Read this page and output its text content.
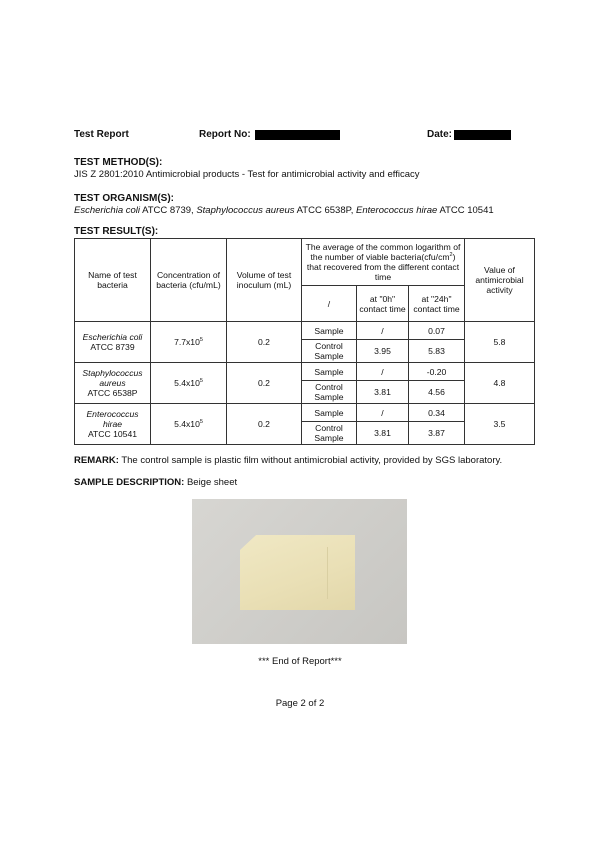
Test Report	Report No:	Date:
TEST METHOD(S):
JIS Z 2801:2010 Antimicrobial products - Test for antimicrobial activity and efficacy
TEST ORGANISM(S):
Escherichia coli ATCC 8739, Staphylococcus aureus ATCC 6538P, Enterococcus hirae ATCC 10541
TEST RESULT(S):
Name of test bacteria	Concentration of bacteria (cfu/mL)	Volume of test inoculum (mL)	The average of the common logarithm of the number of viable $bacteria(cfu/cm^2)$ that recovered from the different contact time			Value of antimicrobial activity
			/	at "0h" contact time	at "24h" contact time	
Escherichia coli
ATCC 8739	$7.7x10^5$	0.2	Sample	/	0.07	5.8
			Control Sample	3.95	5.83	
Staphylococcus aureus
ATCC 6538P	$5.4x10^5$	0.2	Sample	/	-0.20	4.8
			Control Sample	3.81	4.56	
Enterococcus hirae
ATCC 10541	$5.4x10^5$	0.2	Sample	/	0.34	3.5
			Control Sample	3.81	3.87	
REMARK: The control sample is plastic film without antimicrobial activity, provided by SGS laboratory.
SAMPLE DESCRIPTION: Beige sheet
*** End of Report***
Page 2 of 2
